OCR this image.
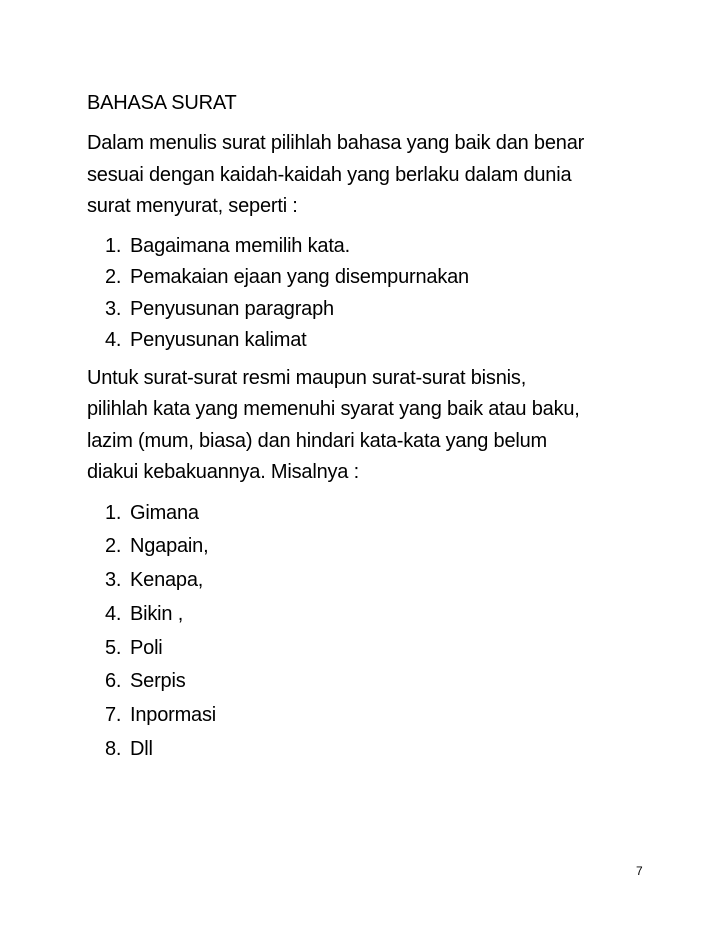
BAHASA SURAT

Dalam menulis surat pilihlah bahasa yang baik dan benar
sesuai dengan kaidah-kaidah yang berlaku dalam dunia
surat menyurat, seperti :

1. Bagaimana memilih kata.
2. Pemakaian ejaan yang disempurnakan
3. Penyusunan paragraph
4. Penyusunan kalimat

Untuk surat-surat resmi maupun surat-surat bisnis,
pilihlah kata yang memenuhi syarat yang baik atau baku,
lazim (mum, biasa) dan hindari kata-kata yang belum
diakui kebakuannya. Misalnya :

1. Gimana
2. Ngapain,
3. Kenapa,
4. Bikin ,
5. Poli
6. Serpis
7. Inpormasi
8. Dll
7
